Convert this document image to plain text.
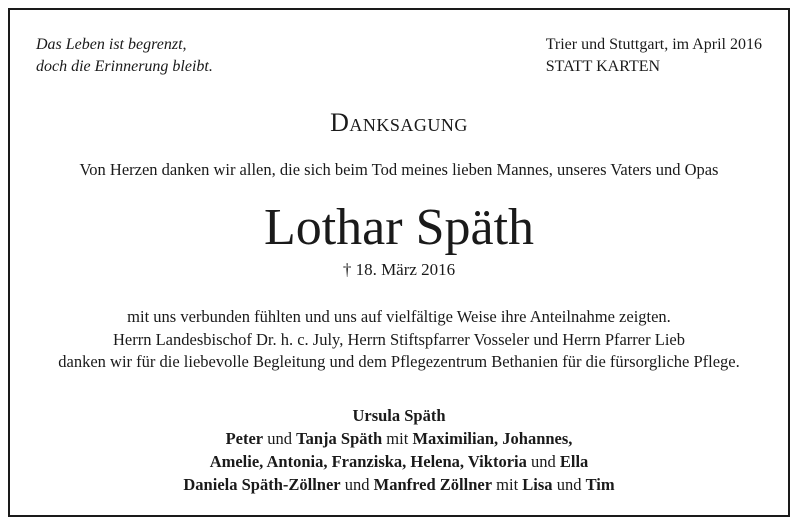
Das Leben ist begrenzt,
doch die Erinnerung bleibt.
Trier und Stuttgart, im April 2016
STATT KARTEN
Danksagung
Von Herzen danken wir allen, die sich beim Tod meines lieben Mannes, unseres Vaters und Opas
Lothar Späth
† 18. März 2016
mit uns verbunden fühlten und uns auf vielfältige Weise ihre Anteilnahme zeigten.
Herrn Landesbischof Dr. h. c. July, Herrn Stiftspfarrer Vosseler und Herrn Pfarrer Lieb
danken wir für die liebevolle Begleitung und dem Pflegezentrum Bethanien für die fürsorgliche Pflege.
Ursula Späth
Peter und Tanja Späth mit Maximilian, Johannes,
Amelie, Antonia, Franziska, Helena, Viktoria und Ella
Daniela Späth-Zöllner und Manfred Zöllner mit Lisa und Tim
